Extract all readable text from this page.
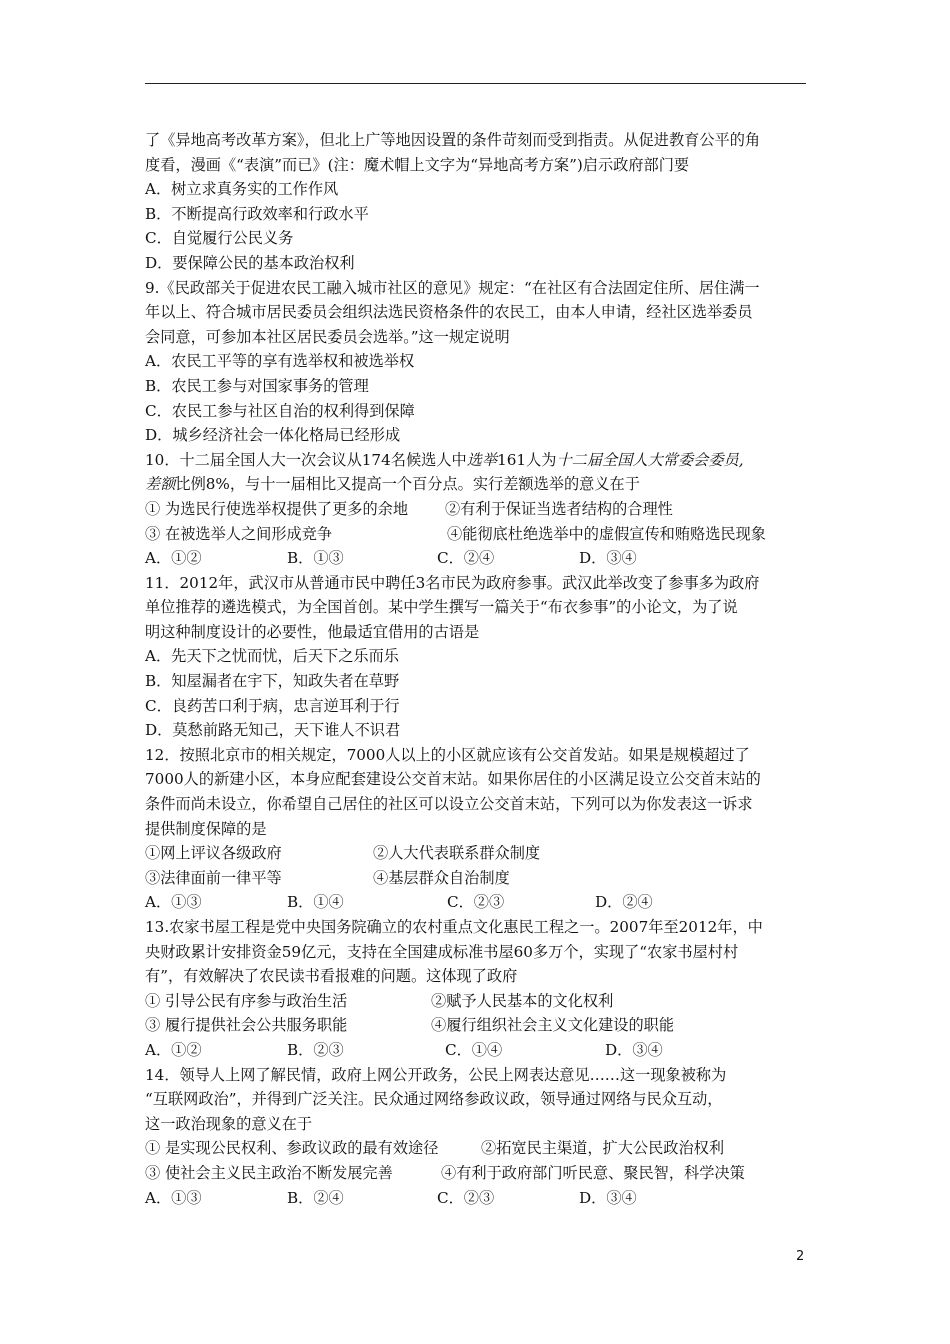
了《异地高考改革方案》，但北上广等地因设置的条件苛刻而受到指责。从促进教育公平的角
度看，漫画《“表演”而已》(注：魔术帽上文字为“异地高考方案”)启示政府部门要
A．树立求真务实的工作作风
B．不断提高行政效率和行政水平
C．自觉履行公民义务
D．要保障公民的基本政治权利
9.《民政部关于促进农民工融入城市社区的意见》规定：“在社区有合法固定住所、居住满一
年以上、符合城市居民委员会组织法选民资格条件的农民工，由本人申请，经社区选举委员
会同意，可参加本社区居民委员会选举。”这一规定说明
A．农民工平等的享有选举权和被选举权
B．农民工参与对国家事务的管理
C．农民工参与社区自治的权利得到保障
D．城乡经济社会一体化格局已经形成
10．十二届全国人大一次会议从174名候选人中选举161人为十二届全国人大常委会委员,
差额比例8%，与十一届相比又提高一个百分点。实行差额选举的意义在于
① 为选民行使选举权提供了更多的余地	②有利于保证当选者结构的合理性
③ 在被选举人之间形成竞争	④能彻底杜绝选举中的虚假宣传和贿赂选民现象
A．①②	B．①③	C．②④	D．③④
11．2012年，武汉市从普通市民中聘任3名市民为政府参事。武汉此举改变了参事多为政府
单位推荐的遴选模式，为全国首创。某中学生撰写一篇关于“布衣参事”的小论文，为了说
明这种制度设计的必要性，他最适宜借用的古语是
A．先天下之忧而忧，后天下之乐而乐
B．知屋漏者在宇下，知政失者在草野
C．良药苦口利于病，忠言逆耳利于行
D．莫愁前路无知己，天下谁人不识君
12．按照北京市的相关规定，7000人以上的小区就应该有公交首发站。如果是规模超过了
7000人的新建小区，本身应配套建设公交首末站。如果你居住的小区满足设立公交首末站的
条件而尚未设立，你希望自己居住的社区可以设立公交首末站，下列可以为你发表这一诉求
提供制度保障的是
①网上评议各级政府	②人大代表联系群众制度
③法律面前一律平等	④基层群众自治制度
A．①③	B．①④	C．②③	D．②④
13.农家书屋工程是党中央国务院确立的农村重点文化惠民工程之一。2007年至2012年，中
央财政累计安排资金59亿元，支持在全国建成标准书屋60多万个，实现了“农家书屋村村
有”，有效解决了农民读书看报难的问题。这体现了政府
① 引导公民有序参与政治生活	②赋予人民基本的文化权利
③ 履行提供社会公共服务职能	④履行组织社会主义文化建设的职能
A．①②	B．②③	C．①④	D．③④
14．领导人上网了解民情，政府上网公开政务，公民上网表达意见……这一现象被称为
“互联网政治”，并得到广泛关注。民众通过网络参政议政，领导通过网络与民众互动，
这一政治现象的意义在于
① 是实现公民权利、参政议政的最有效途径	②拓宽民主渠道，扩大公民政治权利
③ 使社会主义民主政治不断发展完善	④有利于政府部门听民意、聚民智，科学决策
A．①③	B．②④	C．②③	D．③④
2
